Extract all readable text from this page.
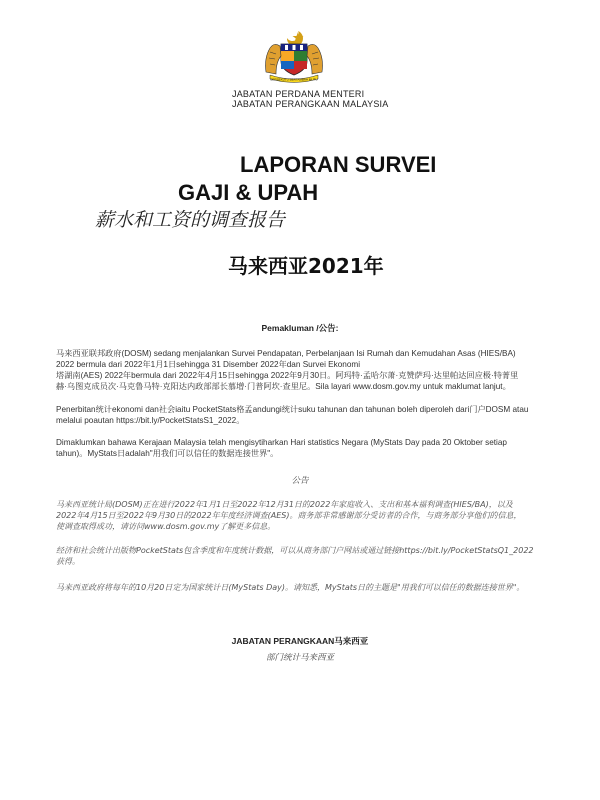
BERSEKUTU BERTAMBAH MUTU
JABATAN PERDANA MENTERI
JABATAN PERANGKAAN MALAYSIA
LAPORAN SURVEI
GAJI & UPAH
薪水和工资的调查报告
马来西亚2021年
Pemakluman /公告:
马来西亚联邦政府(DOSM) sedang menjalankan Survei Pendapatan, Perbelanjaan Isi Rumah dan Kemudahan Asas (HIES/BA)
2022 bermula dari 2022年1月1日sehingga 31 Disember 2022年dan Survei Ekonomi
塔湖南(AES) 2022年bermula dari 2022年4月15日sehingga 2022年9月30日。阿玛特·孟哈尔萧·克赞萨玛·达里帕达回应极·特菁里
赫·乌图克成员次·马克鲁马特·克阳达内政部部长慕增·门普阿坎·查里尼。Sila layari www.dosm.gov.my untuk maklumat lanjut。
Penerbitan统计ekonomi dan社会iaitu PocketStats格孟andungi统计suku tahunan dan tahunan boleh diperoleh dari门户DOSM atau
melalui poautan https://bit.ly/PocketStatsS1_2022。
Dimaklumkan bahawa Kerajaan Malaysia telah mengisytiharkan Hari statistics Negara (MyStats Day pada 20 Oktober setiap
tahun)。MyStats日adalah"用我们可以信任的数据连接世界"。
公告
马来西亚统计局(DOSM)正在进行2022年1月1日至2022年12月31日的2022年家庭收入、支出和基本福利调查(HIES/BA)，以及
2022年4月15日至2022年9月30日的2022年年度经济调查(AES)。商务部非常感谢部分受访者的合作，与商务部分享他们的信息，
使调查取得成功，请访问www.dosm.gov.my了解更多信息。
经济和社会统计出版物PocketStats包含季度和年度统计数据，可以从商务部门户网站或通过链接https://bit.ly/PocketStatsQ1_2022
获得。
马来西亚政府将每年的10月20日定为国家统计日(MyStats Day)。请知悉，MyStats日的主题是"用我们可以信任的数据连接世界"。
JABATAN PERANGKAAN马来西亚
部门统计马来西亚
